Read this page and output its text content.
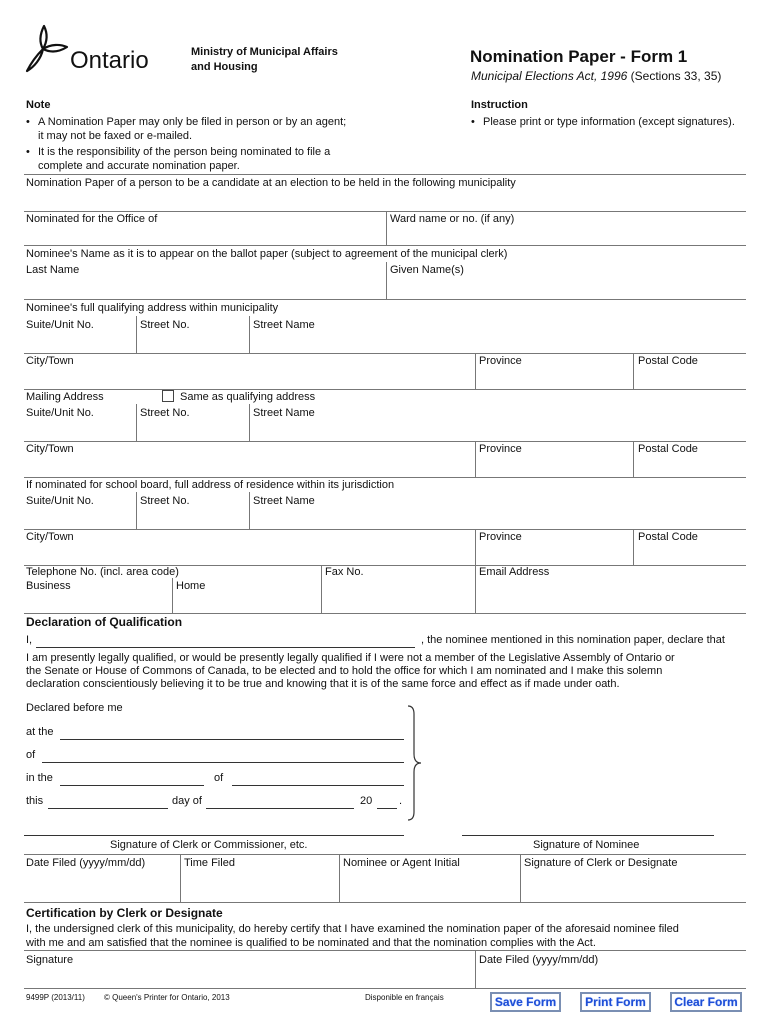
Ontario	Ministry of Municipal Affairs
and Housing
Nomination Paper - Form 1
Municipal Elections Act, 1996 (Sections 33, 35)
Note
• A Nomination Paper may only be filed in person or by an agent;
it may not be faxed or e-mailed.
• It is the responsibility of the person being nominated to file a
complete and accurate nomination paper.
Instruction
• Please print or type information (except signatures).
Nomination Paper of a person to be a candidate at an election to be held in the following municipality
Nominated for the Office of	Ward name or no. (if any)
Nominee's Name as it is to appear on the ballot paper (subject to agreement of the municipal clerk)
Last Name	Given Name(s)
Nominee's full qualifying address within municipality
Suite/Unit No.	Street No.	Street Name
City/Town	Province	Postal Code
Mailing Address	Same as qualifying address
Suite/Unit No.	Street No.	Street Name
City/Town	Province	Postal Code
If nominated for school board, full address of residence within its jurisdiction
Suite/Unit No.	Street No.	Street Name
City/Town	Province	Postal Code
Telephone No. (incl. area code)
Business	Home
Fax No.	Email Address
Declaration of Qualification
I,	, the nominee mentioned in this nomination paper, declare that
I am presently legally qualified, or would be presently legally qualified if I were not a member of the Legislative Assembly of Ontario or
the Senate or House of Commons of Canada, to be elected and to hold the office for which I am nominated and I make this solemn
declaration conscientiously believing it to be true and knowing that it is of the same force and effect as if made under oath.
Declared before me
at the
of
in the	of
this	day of	20 .
Signature of Clerk or Commissioner, etc.	Signature of Nominee
Date Filed (yyyy/mm/dd)	Time Filed	Nominee or Agent Initial	Signature of Clerk or Designate
Certification by Clerk or Designate
I, the undersigned clerk of this municipality, do hereby certify that I have examined the nomination paper of the aforesaid nominee filed
with me and am satisfied that the nominee is qualified to be nominated and that the nomination complies with the Act.
Signature	Date Filed (yyyy/mm/dd)
9499P (2013/11) © Queen's Printer for Ontario, 2013	Disponible en français	Save Form	Print Form	Clear Form
